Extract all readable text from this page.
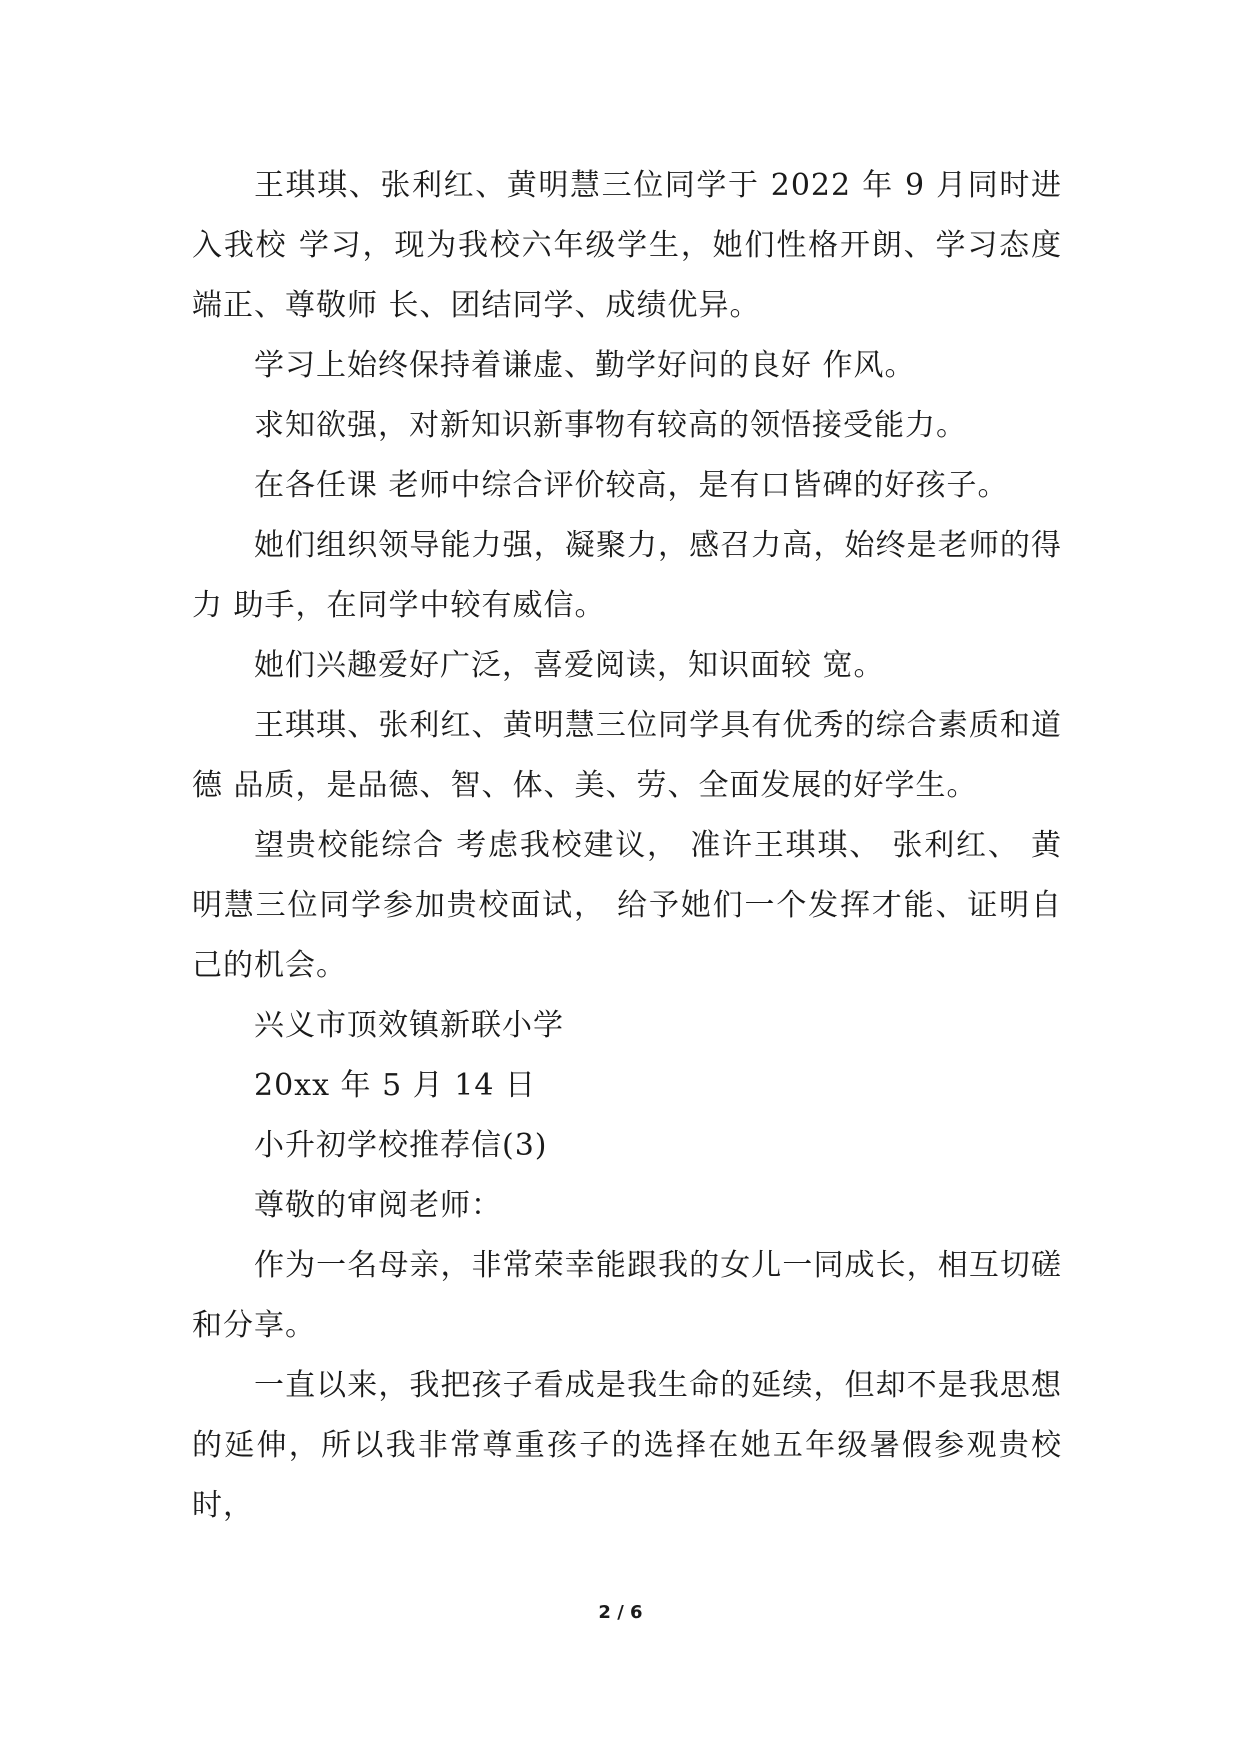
王琪琪、张利红、黄明慧三位同学于 2022 年 9 月同时进入我校 学习，现为我校六年级学生，她们性格开朗、学习态度端正、尊敬师 长、团结同学、成绩优异。

学习上始终保持着谦虚、勤学好问的良好 作风。

求知欲强，对新知识新事物有较高的领悟接受能力。

在各任课 老师中综合评价较高，是有口皆碑的好孩子。

她们组织领导能力强，凝聚力，感召力高，始终是老师的得力 助手，在同学中较有威信。

她们兴趣爱好广泛，喜爱阅读，知识面较 宽。

王琪琪、张利红、黄明慧三位同学具有优秀的综合素质和道德 品质，是品德、智、体、美、劳、全面发展的好学生。

望贵校能综合 考虑我校建议， 准许王琪琪、 张利红、 黄明慧三位同学参加贵校面试， 给予她们一个发挥才能、证明自己的机会。

兴义市顶效镇新联小学

20xx 年 5 月 14 日

小升初学校推荐信(3)

尊敬的审阅老师：

作为一名母亲，非常荣幸能跟我的女儿一同成长，相互切磋和分享。

一直以来，我把孩子看成是我生命的延续，但却不是我思想的延伸，所以我非常尊重孩子的选择在她五年级暑假参观贵校时，

2 / 6
